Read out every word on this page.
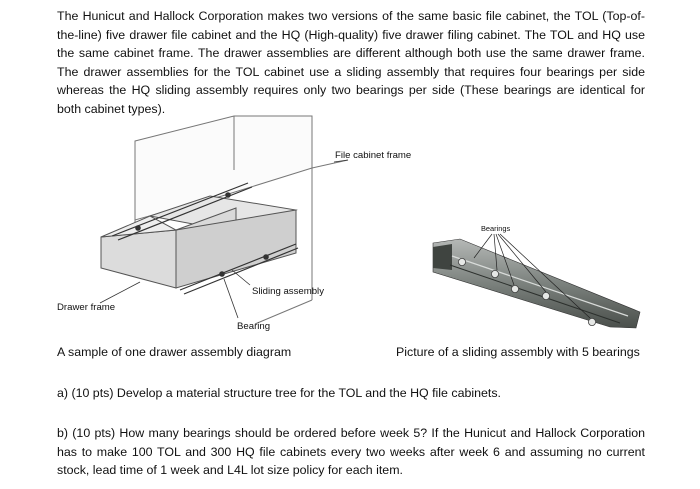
The Hunicut and Hallock Corporation makes two versions of the same basic file cabinet, the TOL (Top-of-the-line) five drawer file cabinet and the HQ (High-quality) five drawer filing cabinet. The TOL and HQ use the same cabinet frame. The drawer assemblies are different although both use the same drawer frame. The drawer assemblies for the TOL cabinet use a sliding assembly that requires four bearings per side whereas the HQ sliding assembly requires only two bearings per side (These bearings are identical for both cabinet types).

File cabinet frame
Sliding assembly
Drawer frame
Bearing
Bearings
A sample of one drawer assembly diagram	Picture of a sliding assembly with 5 bearings

a) (10 pts) Develop a material structure tree for the TOL and the HQ file cabinets.

b) (10 pts) How many bearings should be ordered before week 5? If the Hunicut and Hallock Corporation has to make 100 TOL and 300 HQ file cabinets every two weeks after week 6 and assuming no current stock, lead time of 1 week and L4L lot size policy for each item.
